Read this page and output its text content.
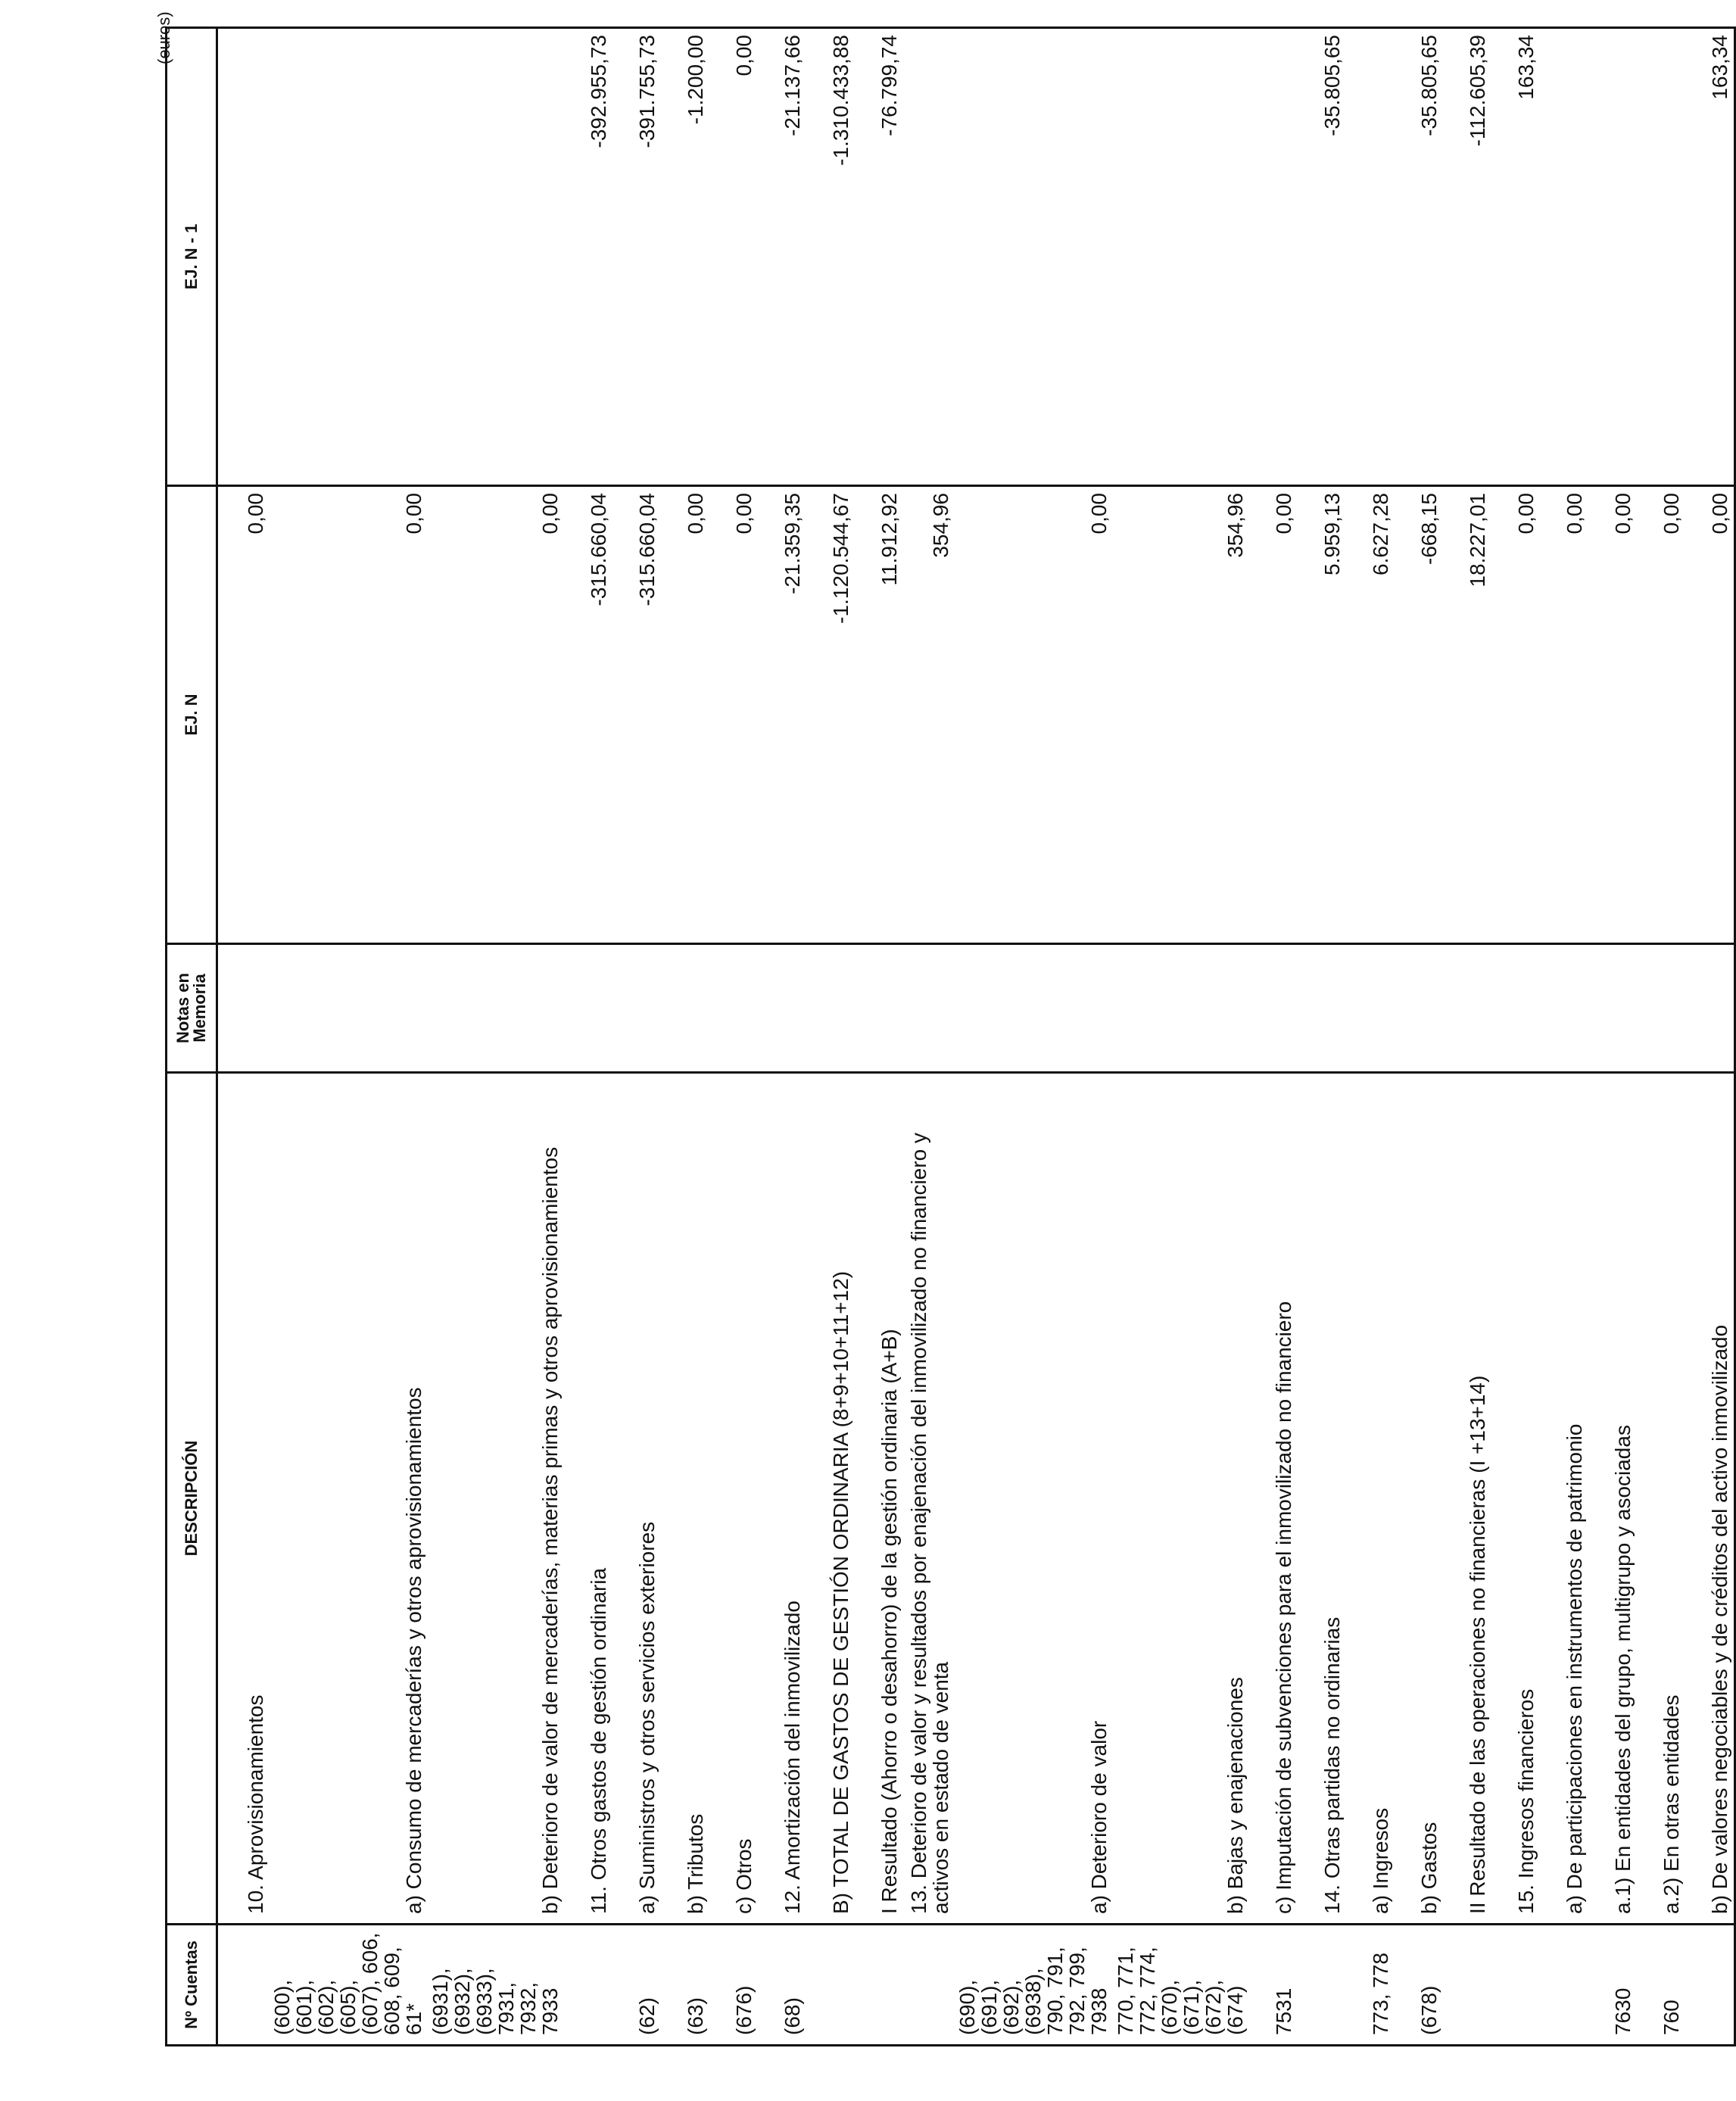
(euros)
Nº Cuentas	DESCRIPCIÓN	Notas en Memoria	EJ. N	EJ. N - 1
	10. Aprovisionamientos		0,00	
(600), (601), (602), (605), (607), 606, 608, 609, 61*	a) Consumo de mercaderías y otros aprovisionamientos		0,00	
(6931), (6932), (6933), 7931, 7932, 7933	b) Deterioro de valor de mercaderías, materias primas y otros aprovisionamientos		0,00	
	11. Otros gastos de gestión ordinaria		-315.660,04	-392.955,73
(62)	a) Suministros y otros servicios exteriores		-315.660,04	-391.755,73
(63)	b) Tributos		0,00	-1.200,00
(676)	c) Otros		0,00	0,00
(68)	12. Amortización del inmovilizado		-21.359,35	-21.137,66
	B) TOTAL DE GASTOS DE GESTIÓN ORDINARIA (8+9+10+11+12)		-1.120.544,67	-1.310.433,88
	I Resultado (Ahorro o desahorro) de la gestión ordinaria (A+B)		11.912,92	-76.799,74
	13. Deterioro de valor y resultados por enajenación del inmovilizado no financiero y activos en estado de venta		354,96	
(690), (691), (692), (6938), 790, 791, 792, 799, 7938	a) Deterioro de valor		0,00	
770, 771, 772, 774, (670), (671), (672), (674)	b) Bajas y enajenaciones		354,96	
7531	c) Imputación de subvenciones para el inmovilizado no financiero		0,00	
	14. Otras partidas no ordinarias		5.959,13	-35.805,65
773, 778	a) Ingresos		6.627,28	
(678)	b) Gastos		-668,15	-35.805,65
	II Resultado de las operaciones no financieras (I +13+14)		18.227,01	-112.605,39
	15. Ingresos financieros		0,00	163,34
	a) De participaciones en instrumentos de patrimonio		0,00	
7630	a.1) En entidades del grupo, multigrupo y asociadas		0,00	
760	a.2) En otras entidades		0,00	
	b) De valores negociables y de créditos del activo inmovilizado		0,00	163,34
